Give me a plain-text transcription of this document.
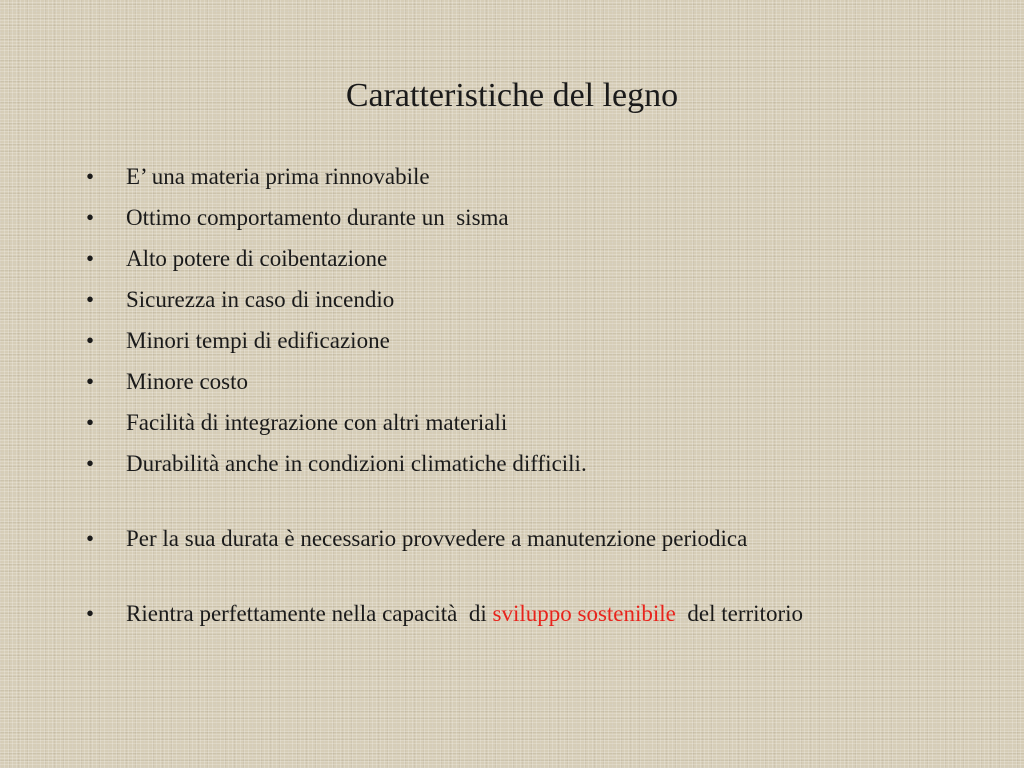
Caratteristiche del legno
• E’ una materia prima rinnovabile
• Ottimo comportamento durante un  sisma
• Alto potere di coibentazione
• Sicurezza in caso di incendio
• Minori tempi di edificazione
• Minore costo
• Facilità di integrazione con altri materiali
• Durabilità anche in condizioni climatiche difficili.
• Per la sua durata è necessario provvedere a manutenzione periodica
• Rientra perfettamente nella capacità  di sviluppo sostenibile  del territorio
